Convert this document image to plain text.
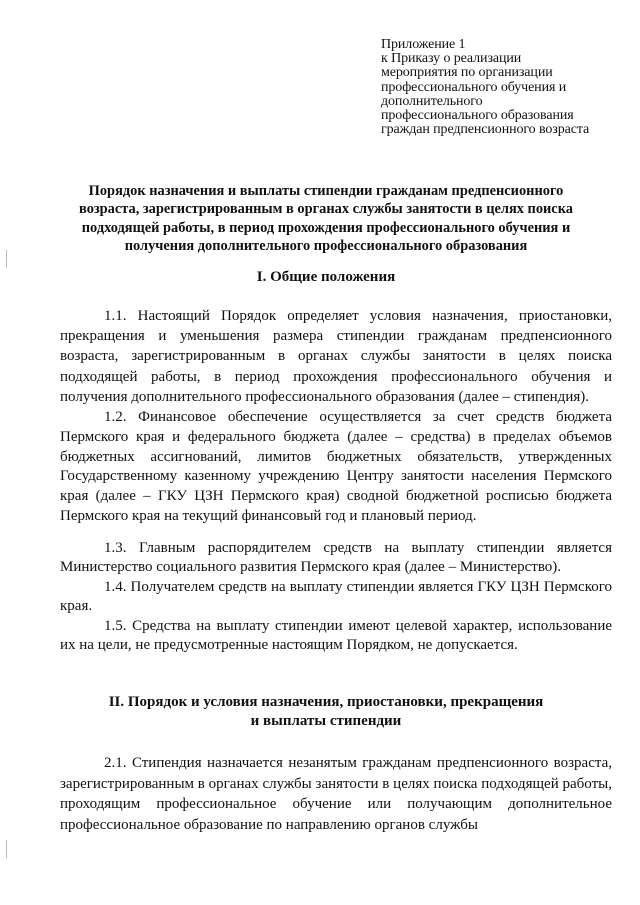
Приложение 1
к Приказу о реализации
мероприятия по организации
профессионального обучения и
дополнительного
профессионального образования
граждан предпенсионного возраста
Порядок назначения и выплаты стипендии гражданам предпенсионного возраста, зарегистрированным в органах службы занятости в целях поиска подходящей работы, в период прохождения профессионального обучения и получения дополнительного профессионального образования
I. Общие положения
1.1. Настоящий Порядок определяет условия назначения, приостановки, прекращения и уменьшения размера стипендии гражданам предпенсионного возраста, зарегистрированным в органах службы занятости в целях поиска подходящей работы, в период прохождения профессионального обучения и получения дополнительного профессионального образования (далее – стипендия).
1.2. Финансовое обеспечение осуществляется за счет средств бюджета Пермского края и федерального бюджета (далее – средства) в пределах объемов бюджетных ассигнований, лимитов бюджетных обязательств, утвержденных Государственному казенному учреждению Центру занятости населения Пермского края (далее – ГКУ ЦЗН Пермского края) сводной бюджетной росписью бюджета Пермского края на текущий финансовый год и плановый период.
1.3. Главным распорядителем средств на выплату стипендии является Министерство социального развития Пермского края (далее – Министерство).
1.4. Получателем средств на выплату стипендии является ГКУ ЦЗН Пермского края.
1.5. Средства на выплату стипендии имеют целевой характер, использование их на цели, не предусмотренные настоящим Порядком, не допускается.
II. Порядок и условия назначения, приостановки, прекращения
и выплаты стипендии
2.1. Стипендия назначается незанятым гражданам предпенсионного возраста, зарегистрированным в органах службы занятости в целях поиска подходящей работы, проходящим профессиональное обучение или получающим дополнительное профессиональное образование по направлению органов службы
